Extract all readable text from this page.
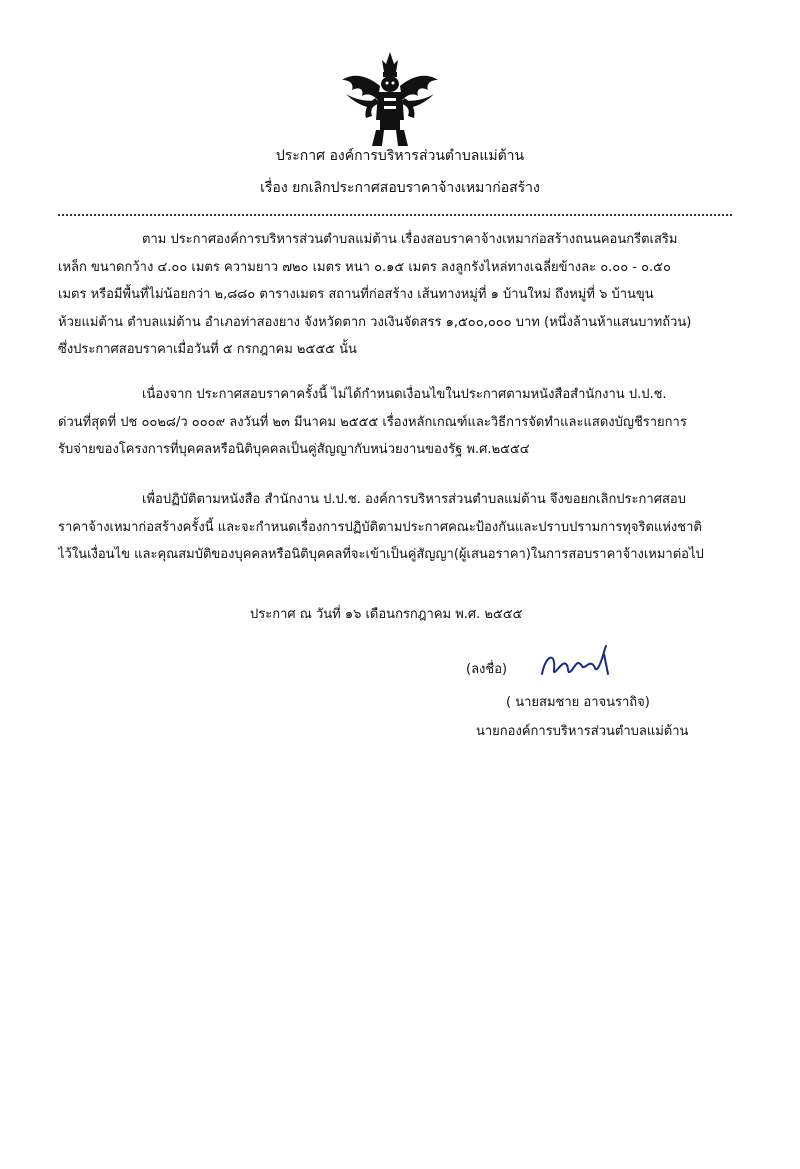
ประกาศ องค์การบริหารส่วนตำบลแม่ต้าน
เรื่อง ยกเลิกประกาศสอบราคาจ้างเหมาก่อสร้าง
ตาม ประกาศองค์การบริหารส่วนตำบลแม่ต้าน เรื่องสอบราคาจ้างเหมาก่อสร้างถนนคอนกรีตเสริม
เหล็ก ขนาดกว้าง ๔.๐๐ เมตร ความยาว ๗๒๐ เมตร หนา ๐.๑๕ เมตร ลงลูกรังไหล่ทางเฉลี่ยข้างละ ๐.๐๐ - ๐.๕๐
เมตร หรือมีพื้นที่ไม่น้อยกว่า ๒,๘๘๐ ตารางเมตร สถานที่ก่อสร้าง เส้นทางหมู่ที่ ๑ บ้านใหม่ ถึงหมู่ที่ ๖ บ้านขุน
ห้วยแม่ต้าน ตำบลแม่ต้าน อำเภอท่าสองยาง จังหวัดตาก วงเงินจัดสรร ๑,๕๐๐,๐๐๐ บาท (หนึ่งล้านห้าแสนบาทถ้วน)
ซึ่งประกาศสอบราคาเมื่อวันที่ ๕ กรกฎาคม ๒๕๕๕ นั้น
เนื่องจาก ประกาศสอบราคาครั้งนี้ ไม่ได้กำหนดเงื่อนไขในประกาศตามหนังสือสำนักงาน ป.ป.ช.
ด่วนที่สุดที่ ปช ๐๐๒๘/ว ๐๐๐๙ ลงวันที่ ๒๓ มีนาคม ๒๕๕๕ เรื่องหลักเกณฑ์และวิธีการจัดทำและแสดงบัญชีรายการ
รับจ่ายของโครงการที่บุคคลหรือนิติบุคคลเป็นคู่สัญญากับหน่วยงานของรัฐ พ.ศ.๒๕๕๔
เพื่อปฏิบัติตามหนังสือ สำนักงาน ป.ป.ช. องค์การบริหารส่วนตำบลแม่ต้าน จึงขอยกเลิกประกาศสอบ
ราคาจ้างเหมาก่อสร้างครั้งนี้ และจะกำหนดเรื่องการปฏิบัติตามประกาศคณะป้องกันและปราบปรามการทุจริตแห่งชาติ
ไว้ในเงื่อนไข และคุณสมบัติของบุคคลหรือนิติบุคคลที่จะเข้าเป็นคู่สัญญา(ผู้เสนอราคา)ในการสอบราคาจ้างเหมาต่อไป
ประกาศ ณ วันที่ ๑๖ เดือนกรกฎาคม พ.ศ. ๒๕๕๕
(ลงชื่อ)
( นายสมชาย อาจนราถิจ)
นายกองค์การบริหารส่วนตำบลแม่ต้าน
